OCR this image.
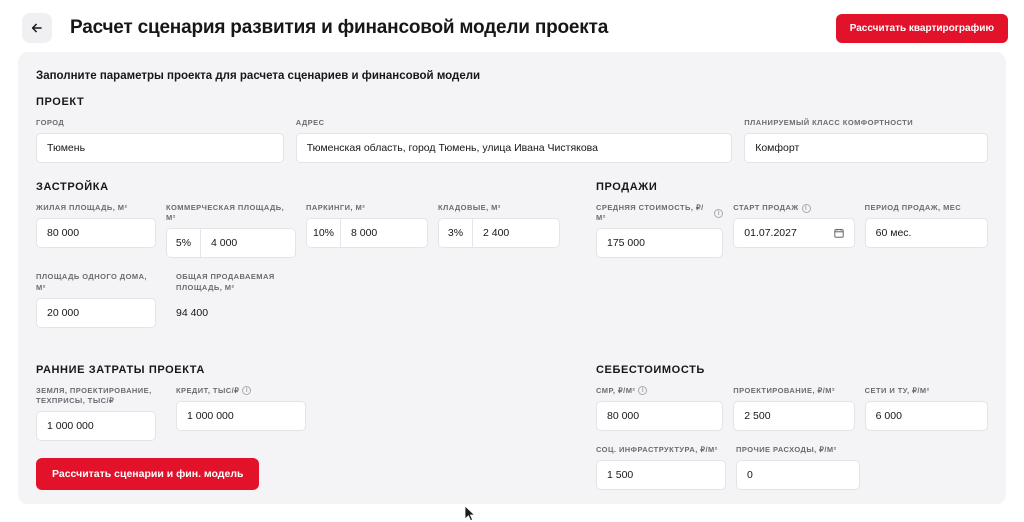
Расчет сценария развития и финансовой модели проекта	Рассчитать квартирографию
Заполните параметры проекта для расчета сценариев и финансовой модели
ПРОЕКТ
ГОРОД
Тюмень
АДРЕС
Тюменская область, город Тюмень, улица Ивана Чистякова
ПЛАНИРУЕМЫЙ КЛАСС КОМФОРТНОСТИ
Комфорт
ЗАСТРОЙКА
ЖИЛАЯ ПЛОЩАДЬ, М²
80 000
КОММЕРЧЕСКАЯ ПЛОЩАДЬ, М²
5%	4 000
ПАРКИНГИ, М²
10%	8 000
КЛАДОВЫЕ, М²
3%	2 400
ПЛОЩАДЬ ОДНОГО ДОМА, М²
20 000
ОБЩАЯ ПРОДАВАЕМАЯ ПЛОЩАДЬ, М²
94 400
ПРОДАЖИ
СРЕДНЯЯ СТОИМОСТЬ, ₽/М²	I
175 000
СТАРТ ПРОДАЖ I
01.07.2027
ПЕРИОД ПРОДАЖ, МЕС
60 мес.
РАННИЕ ЗАТРАТЫ ПРОЕКТА
ЗЕМЛЯ, ПРОЕКТИРОВАНИЕ, ТЕХПРИСЫ, ТЫС/₽
1 000 000
КРЕДИТ, ТЫС/₽ I
1 000 000
СЕБЕСТОИМОСТЬ
СМР, ₽/М² I
80 000
ПРОЕКТИРОВАНИЕ, ₽/М²
2 500
СЕТИ И ТУ, ₽/М²
6 000
СОЦ. ИНФРАСТРУКТУРА, ₽/М²
1 500
ПРОЧИЕ РАСХОДЫ, ₽/М²
0
Рассчитать сценарии и фин. модель
